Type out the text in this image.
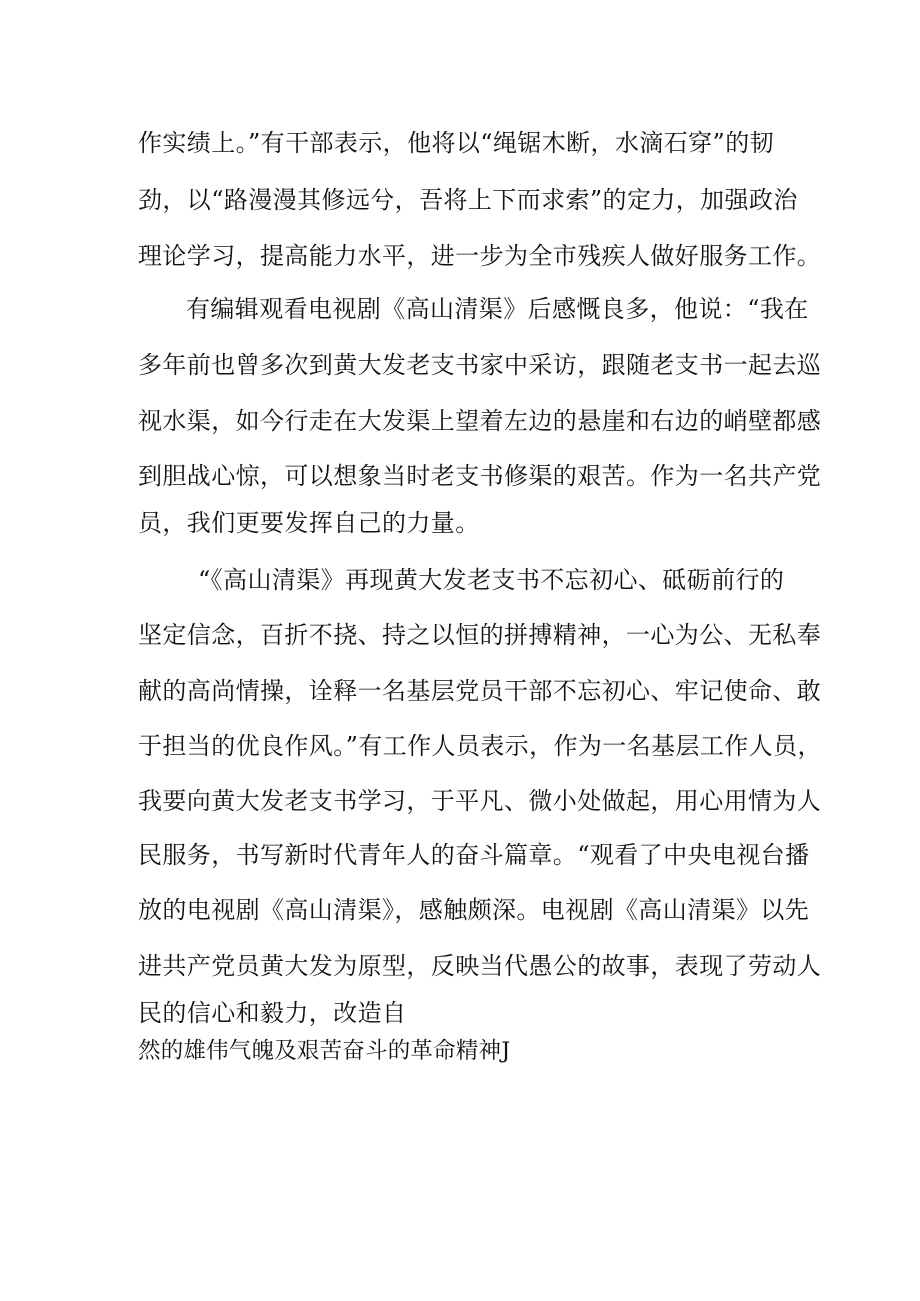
作实绩上。”有干部表示，他将以“绳锯木断，水滴石穿”的韧
劲，以“路漫漫其修远兮，吾将上下而求索”的定力，加强政治
理论学习，提高能力水平，进一步为全市残疾人做好服务工作。
有编辑观看电视剧《高山清渠》后感慨良多，他说：“我在
多年前也曾多次到黄大发老支书家中采访，跟随老支书一起去巡
视水渠，如今行走在大发渠上望着左边的悬崖和右边的峭壁都感
到胆战心惊，可以想象当时老支书修渠的艰苦。作为一名共产党
员，我们更要发挥自己的力量。
“《高山清渠》再现黄大发老支书不忘初心、砥砺前行的
坚定信念，百折不挠、持之以恒的拼搏精神，一心为公、无私奉
献的高尚情操，诠释一名基层党员干部不忘初心、牢记使命、敢
于担当的优良作风。”有工作人员表示，作为一名基层工作人员，
我要向黄大发老支书学习，于平凡、微小处做起，用心用情为人
民服务，书写新时代青年人的奋斗篇章。“观看了中央电视台播
放的电视剧《高山清渠》，感触颇深。电视剧《高山清渠》以先
进共产党员黄大发为原型，反映当代愚公的故事，表现了劳动人
民的信心和毅力，改造自
然的雄伟气魄及艰苦奋斗的革命精神J
